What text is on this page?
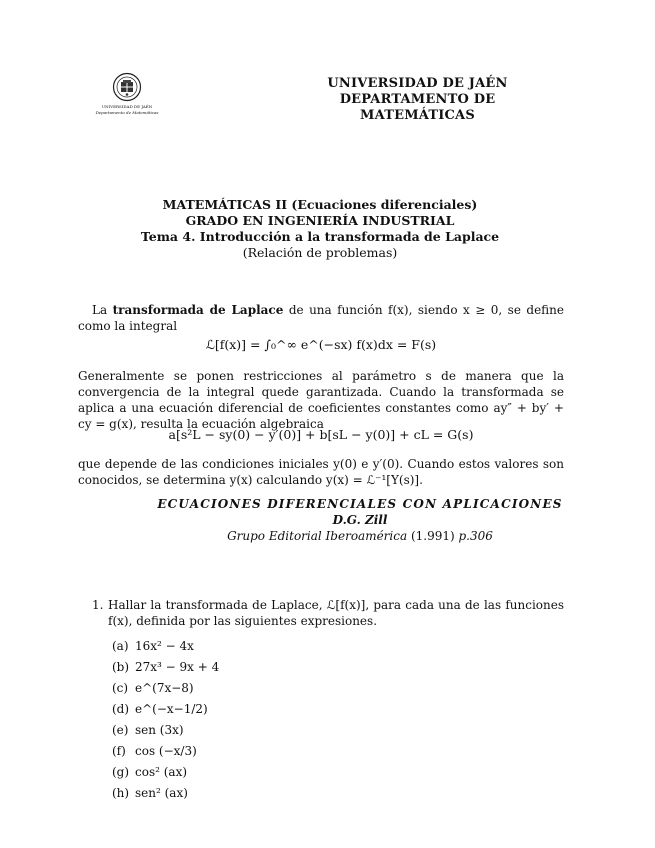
UNIVERSIDAD DE JAÉN
Departamento de Matemáticas
UNIVERSIDAD DE JAÉN
DEPARTAMENTO DE MATEMÁTICAS
MATEMÁTICAS II (Ecuaciones diferenciales)
GRADO EN INGENIERÍA INDUSTRIAL
Tema 4. Introducción a la transformada de Laplace
(Relación de problemas)
La transformada de Laplace de una función f(x), siendo x ≥ 0, se define como la integral
ℒ[f(x)] = ∫₀^∞ e^(−sx) f(x)dx = F(s)
Generalmente se ponen restricciones al parámetro s de manera que la convergencia de la integral quede garantizada. Cuando la transformada se aplica a una ecuación diferencial de coeficientes constantes como ay″ + by′ + cy = g(x), resulta la ecuación algebraica
a[s²L − sy(0) − y′(0)] + b[sL − y(0)] + cL = G(s)
que depende de las condiciones iniciales y(0) e y′(0). Cuando estos valores son conocidos, se determina y(x) calculando y(x) = ℒ⁻¹[Y(s)].
ECUACIONES DIFERENCIALES CON APLICACIONES
D.G. Zill
Grupo Editorial Iberoamérica (1.991) p.306
1. Hallar la transformada de Laplace, ℒ[f(x)], para cada una de las funciones f(x), definida por las siguientes expresiones.
(a) 16x² − 4x
(b) 27x³ − 9x + 4
(c) e^(7x−8)
(d) e^(−x−1/2)
(e) sen (3x)
(f) cos (−x/3)
(g) cos² (ax)
(h) sen² (ax)
